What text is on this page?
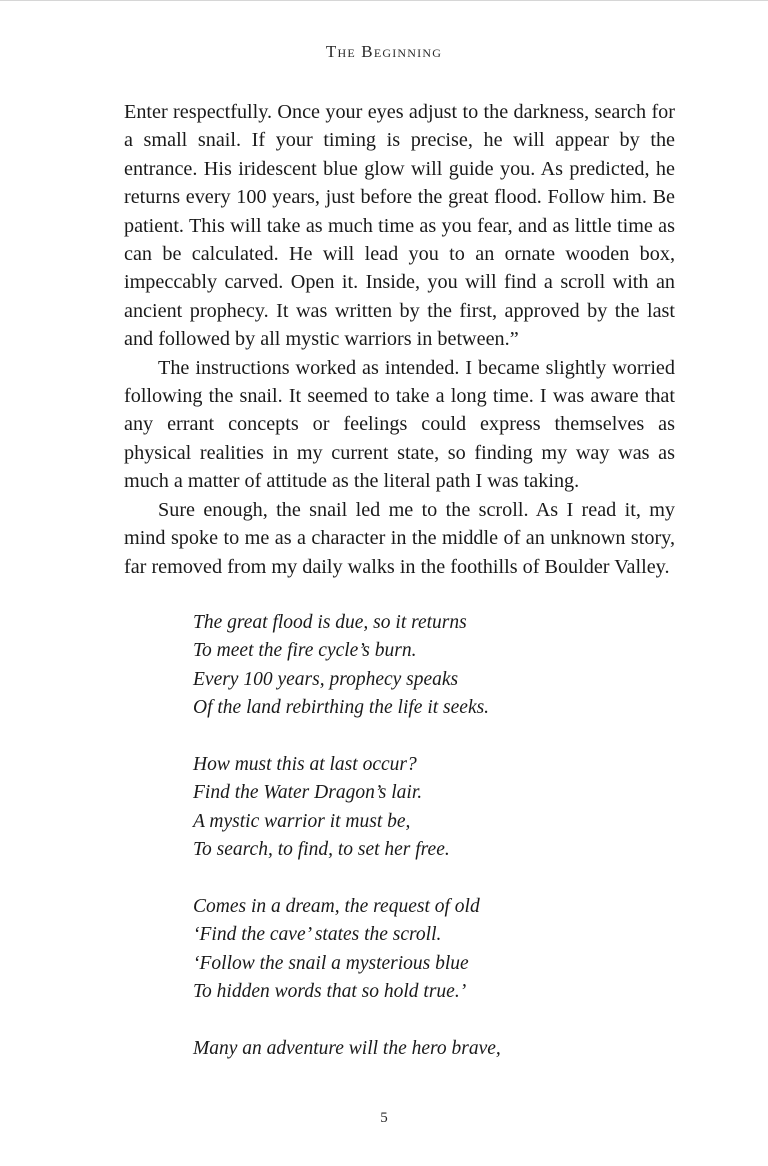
The Beginning

Enter respectfully. Once your eyes adjust to the darkness, search for a small snail. If your timing is precise, he will appear by the entrance. His iridescent blue glow will guide you. As predicted, he returns every 100 years, just before the great flood. Follow him. Be patient. This will take as much time as you fear, and as little time as can be calculated. He will lead you to an ornate wooden box, impeccably carved. Open it. Inside, you will find a scroll with an ancient prophecy. It was written by the first, approved by the last and followed by all mystic warriors in between.”

The instructions worked as intended. I became slightly worried following the snail. It seemed to take a long time. I was aware that any errant concepts or feelings could express themselves as physical realities in my current state, so finding my way was as much a matter of attitude as the literal path I was taking.

Sure enough, the snail led me to the scroll. As I read it, my mind spoke to me as a character in the middle of an unknown story, far removed from my daily walks in the foothills of Boulder Valley.

The great flood is due, so it returns
To meet the fire cycle’s burn.
Every 100 years, prophecy speaks
Of the land rebirthing the life it seeks.
How must this at last occur?
Find the Water Dragon’s lair.
A mystic warrior it must be,
To search, to find, to set her free.
Comes in a dream, the request of old
‘Find the cave’ states the scroll.
‘Follow the snail a mysterious blue
To hidden words that so hold true.’
Many an adventure will the hero brave,
5
